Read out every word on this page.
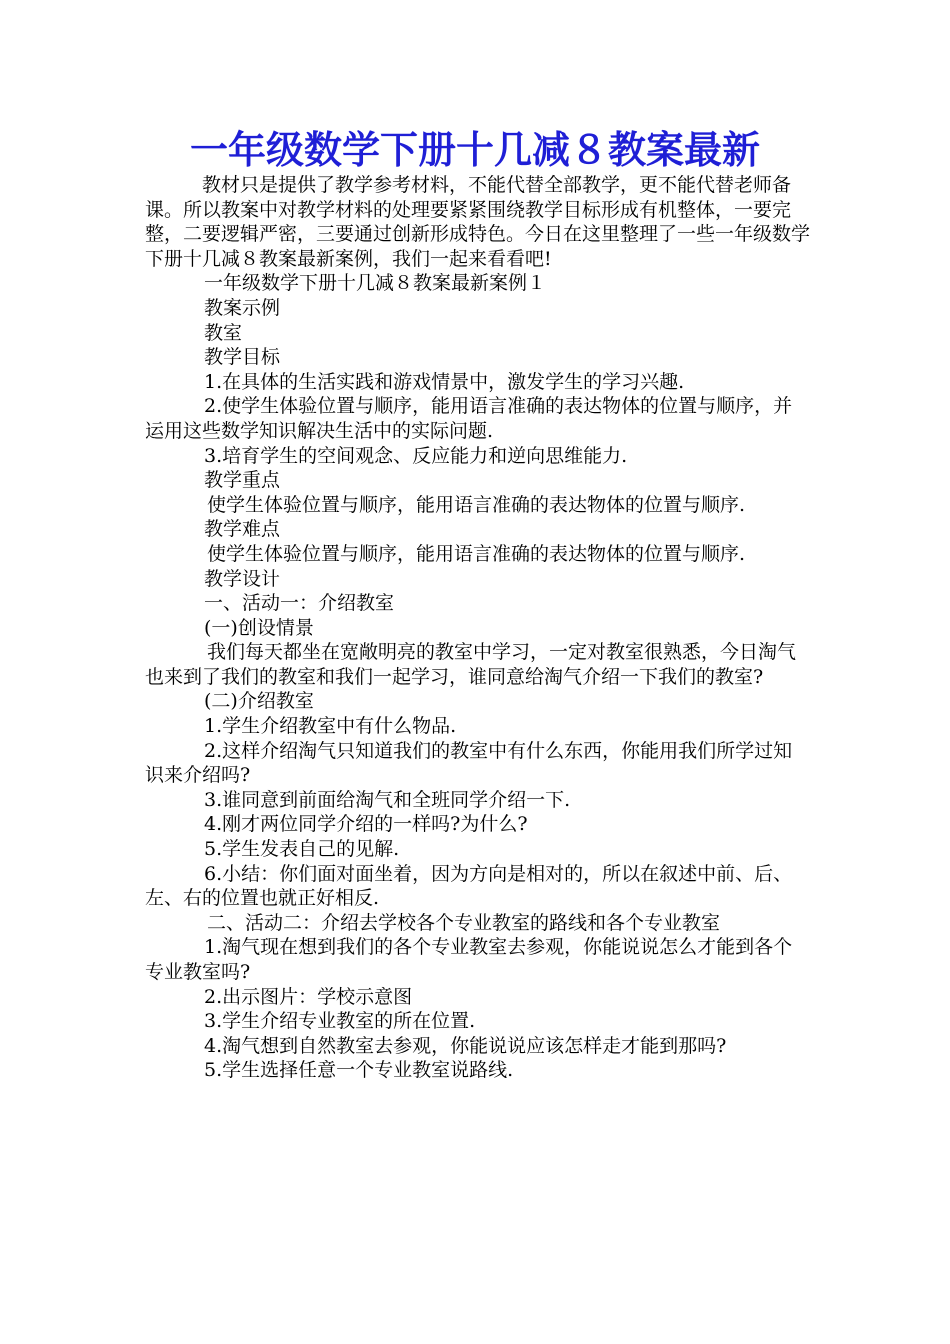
一年级数学下册十几减８教案最新

教材只是提供了教学参考材料，不能代替全部教学，更不能代替老师备课。所以教案中对教学材料的处理要紧紧围绕教学目标形成有机整体，一要完整，二要逻辑严密，三要通过创新形成特色。今日在这里整理了一些一年级数学下册十几减８教案最新案例，我们一起来看看吧!

一年级数学下册十几减８教案最新案例１

教案示例

教室

教学目标

1.在具体的生活实践和游戏情景中，激发学生的学习兴趣.

2.使学生体验位置与顺序，能用语言准确的表达物体的位置与顺序，并运用这些数学知识解决生活中的实际问题.

3.培育学生的空间观念、反应能力和逆向思维能力.

教学重点

使学生体验位置与顺序，能用语言准确的表达物体的位置与顺序.

教学难点

使学生体验位置与顺序，能用语言准确的表达物体的位置与顺序.

教学设计

一、活动一：介绍教室

(一)创设情景

我们每天都坐在宽敞明亮的教室中学习，一定对教室很熟悉，今日淘气也来到了我们的教室和我们一起学习，谁同意给淘气介绍一下我们的教室?

(二)介绍教室

1.学生介绍教室中有什么物品.

2.这样介绍淘气只知道我们的教室中有什么东西，你能用我们所学过知识来介绍吗?

3.谁同意到前面给淘气和全班同学介绍一下.

4.刚才两位同学介绍的一样吗?为什么?

5.学生发表自己的见解.

6.小结：你们面对面坐着，因为方向是相对的，所以在叙述中前、后、左、右的位置也就正好相反.

二、活动二：介绍去学校各个专业教室的路线和各个专业教室

1.淘气现在想到我们的各个专业教室去参观，你能说说怎么才能到各个专业教室吗?

2.出示图片：学校示意图

3.学生介绍专业教室的所在位置.

4.淘气想到自然教室去参观，你能说说应该怎样走才能到那吗?

5.学生选择任意一个专业教室说路线.
